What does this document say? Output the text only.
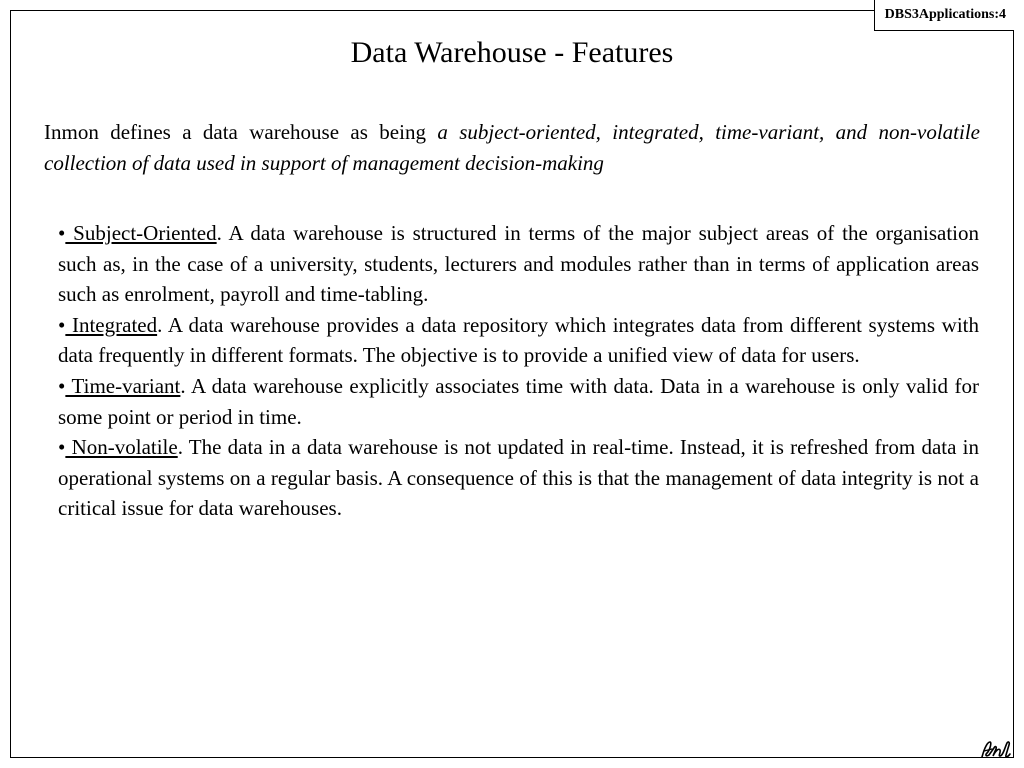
DBS3Applications:4
Data Warehouse - Features

Inmon defines a data warehouse as being a subject-oriented, integrated, time-variant, and non-volatile collection of data used in support of management decision-making

• Subject-Oriented. A data warehouse is structured in terms of the major subject areas of the organisation such as, in the case of a university, students, lecturers and modules rather than in terms of application areas such as enrolment, payroll and time-tabling.
• Integrated. A data warehouse provides a data repository which integrates data from different systems with data frequently in different formats. The objective is to provide a unified view of data for users.
• Time-variant. A data warehouse explicitly associates time with data. Data in a warehouse is only valid for some point or period in time.
• Non-volatile. The data in a data warehouse is not updated in real-time. Instead, it is refreshed from data in operational systems on a regular basis. A consequence of this is that the management of data integrity is not a critical issue for data warehouses.
